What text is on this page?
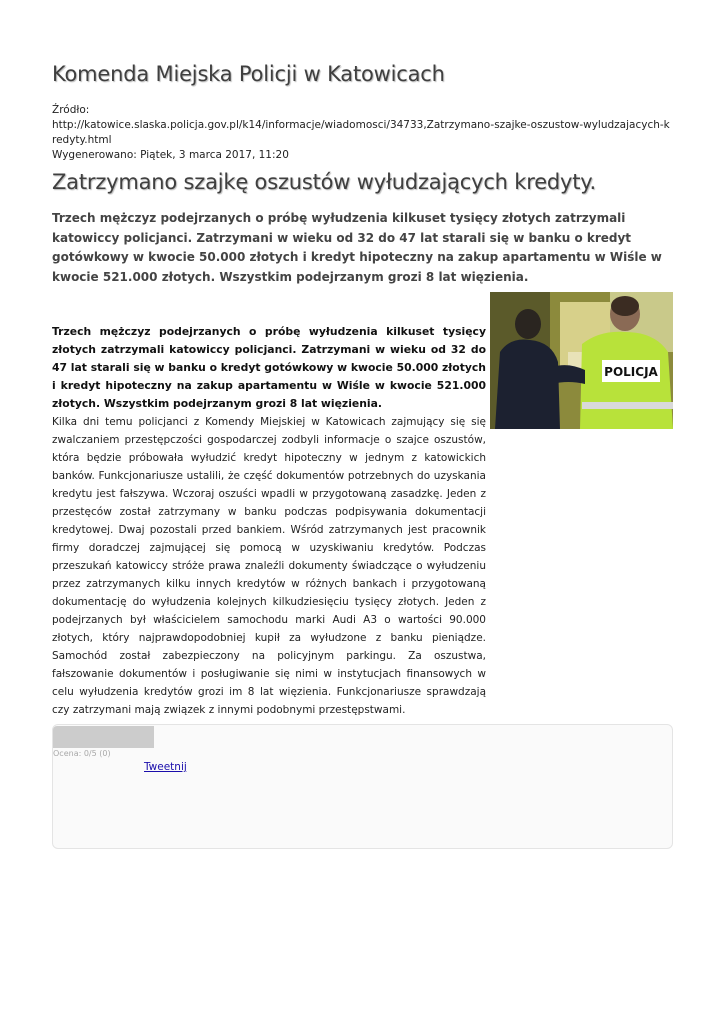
Komenda Miejska Policji w Katowicach
Źródło:
http://katowice.slaska.policja.gov.pl/k14/informacje/wiadomosci/34733,Zatrzymano-szajke-oszustow-wyludzajacych-kredyty.html
Wygenerowano: Piątek, 3 marca 2017, 11:20
Zatrzymano szajkę oszustów wyłudzających kredyty.
Trzech mężczyz podejrzanych o próbę wyłudzenia kilkuset tysięcy złotych zatrzymali katowiccy policjanci. Zatrzymani w wieku od 32 do 47 lat starali się w banku o kredyt gotówkowy w kwocie 50.000 złotych i kredyt hipoteczny na zakup apartamentu w Wiśle w kwocie 521.000 złotych. Wszystkim podejrzanym grozi 8 lat więzienia.
POLICJA
Trzech mężczyz podejrzanych o próbę wyłudzenia kilkuset tysięcy złotych zatrzymali katowiccy policjanci. Zatrzymani w wieku od 32 do 47 lat starali się w banku o kredyt gotówkowy w kwocie 50.000 złotych i kredyt hipoteczny na zakup apartamentu w Wiśle w kwocie 521.000 złotych. Wszystkim podejrzanym grozi 8 lat więzienia.
Kilka dni temu policjanci z Komendy Miejskiej w Katowicach zajmujący się się zwalczaniem przestępczości gospodarczej zodbyli informacje o szajce oszustów, która będzie próbowała wyłudzić kredyt hipoteczny w jednym z katowickich banków. Funkcjonariusze ustalili, że część dokumentów potrzebnych do uzyskania kredytu jest fałszywa. Wczoraj oszuści wpadli w przygotowaną zasadzkę. Jeden z przestęców został zatrzymany w banku podczas podpisywania dokumentacji kredytowej. Dwaj pozostali przed bankiem. Wśród zatrzymanych jest pracownik firmy doradczej zajmującej się pomocą w uzyskiwaniu kredytów. Podczas przeszukań katowiccy stróże prawa znaleźli dokumenty świadczące o wyłudzeniu przez zatrzymanych kilku innych kredytów w różnych bankach i przygotowaną dokumentację do wyłudzenia kolejnych kilkudziesięciu tysięcy złotych. Jeden z podejrzanych był właścicielem samochodu marki Audi A3 o wartości 90.000 złotych, który najprawdopodobniej kupił za wyłudzone z banku pieniądze. Samochód został zabezpieczony na policyjnym parkingu. Za oszustwa, fałszowanie dokumentów i posługiwanie się nimi w instytucjach finansowych w celu wyłudzenia kredytów grozi im 8 lat więzienia. Funkcjonariusze sprawdzają czy zatrzymani mają związek z innymi podobnymi przestępstwami.
Ocena: 0/5 (0)
Tweetnij
